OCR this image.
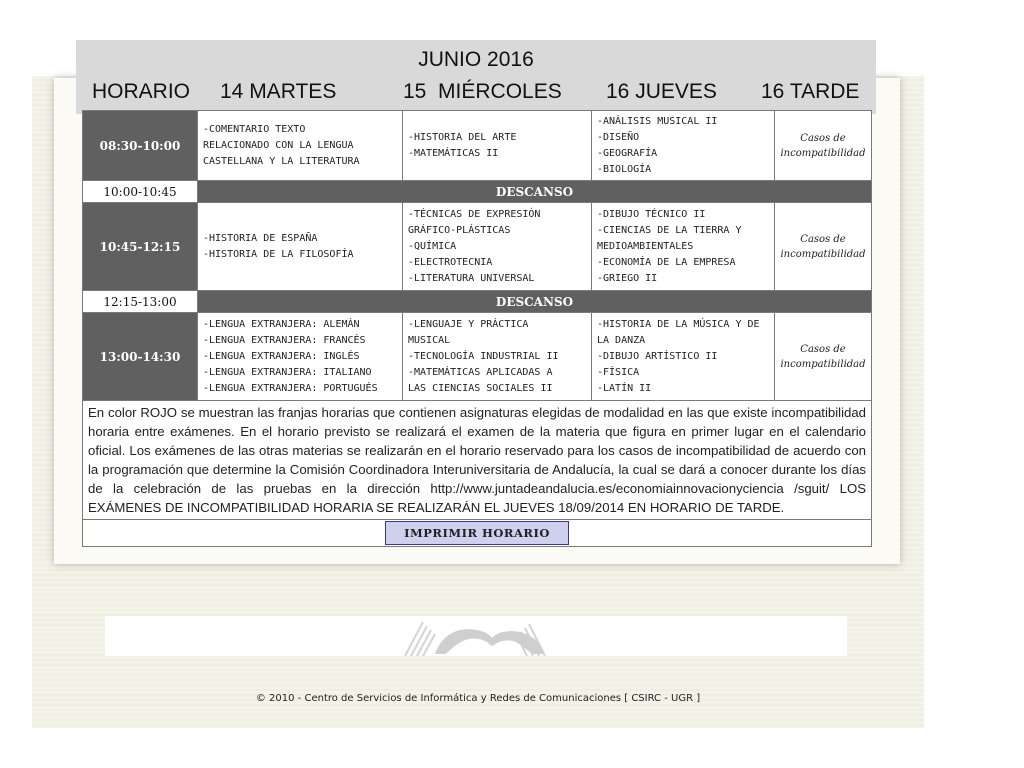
JUNIO 2016
HORARIO 14 MARTES	15  MIÉRCOLES 16 JUEVES 16 TARDE
08:30-10:00	-COMENTARIO TEXTO
RELACIONADO CON LA LENGUA
CASTELLANA Y LA LITERATURA	-HISTORIA DEL ARTE
-MATEMÁTICAS II	-ANÁLISIS MUSICAL II
-DISEÑO
-GEOGRAFÍA
-BIOLOGÍA	Casos de
incompatibilidad

10:00-10:45	DESCANSO			
10:45-12:15	-HISTORIA DE ESPAÑA
-HISTORIA DE LA FILOSOFÍA	-TÉCNICAS DE EXPRESIÓN
GRÁFICO-PLÁSTICAS
-QUÍMICA
-ELECTROTECNIA
-LITERATURA UNIVERSAL	-DIBUJO TÉCNICO II
-CIENCIAS DE LA TIERRA Y
MEDIOAMBIENTALES
-ECONOMÍA DE LA EMPRESA
-GRIEGO II	Casos de
incompatibilidad

12:15-13:00	DESCANSO			
13:00-14:30	-LENGUA EXTRANJERA: ALEMÁN
-LENGUA EXTRANJERA: FRANCÉS
-LENGUA EXTRANJERA: INGLÉS
-LENGUA EXTRANJERA: ITALIANO
-LENGUA EXTRANJERA: PORTUGUÉS	-LENGUAJE Y PRÁCTICA
MUSICAL
-TECNOLOGÍA INDUSTRIAL II
-MATEMÁTICAS APLICADAS A
LAS CIENCIAS SOCIALES II	-HISTORIA DE LA MÚSICA Y DE
LA DANZA
-DIBUJO ARTÍSTICO II
-FÍSICA
-LATÍN II	Casos de
incompatibilidad

En color ROJO se muestran las franjas horarias que contienen asignaturas elegidas de modalidad en las que existe incompatibilidad horaria entre exámenes. En el horario previsto se realizará el examen de la materia que figura en primer lugar en el calendario oficial. Los exámenes de las otras materias se realizarán en el horario reservado para los casos de incompatibilidad de acuerdo con la programación que determine la Comisión Coordinadora Interuniversitaria de Andalucía, la cual se dará a conocer durante los días de la celebración de las pruebas en la dirección http://www.juntadeandalucia.es/economiainnovacionyciencia /sguit/ LOS EXÁMENES DE INCOMPATIBILIDAD HORARIA SE REALIZARÁN EL JUEVES 18/09/2014 EN HORARIO DE TARDE.				
IMPRIMIR HORARIO				
© 2010 - Centro de Servicios de Informática y Redes de Comunicaciones [ CSIRC - UGR ]
